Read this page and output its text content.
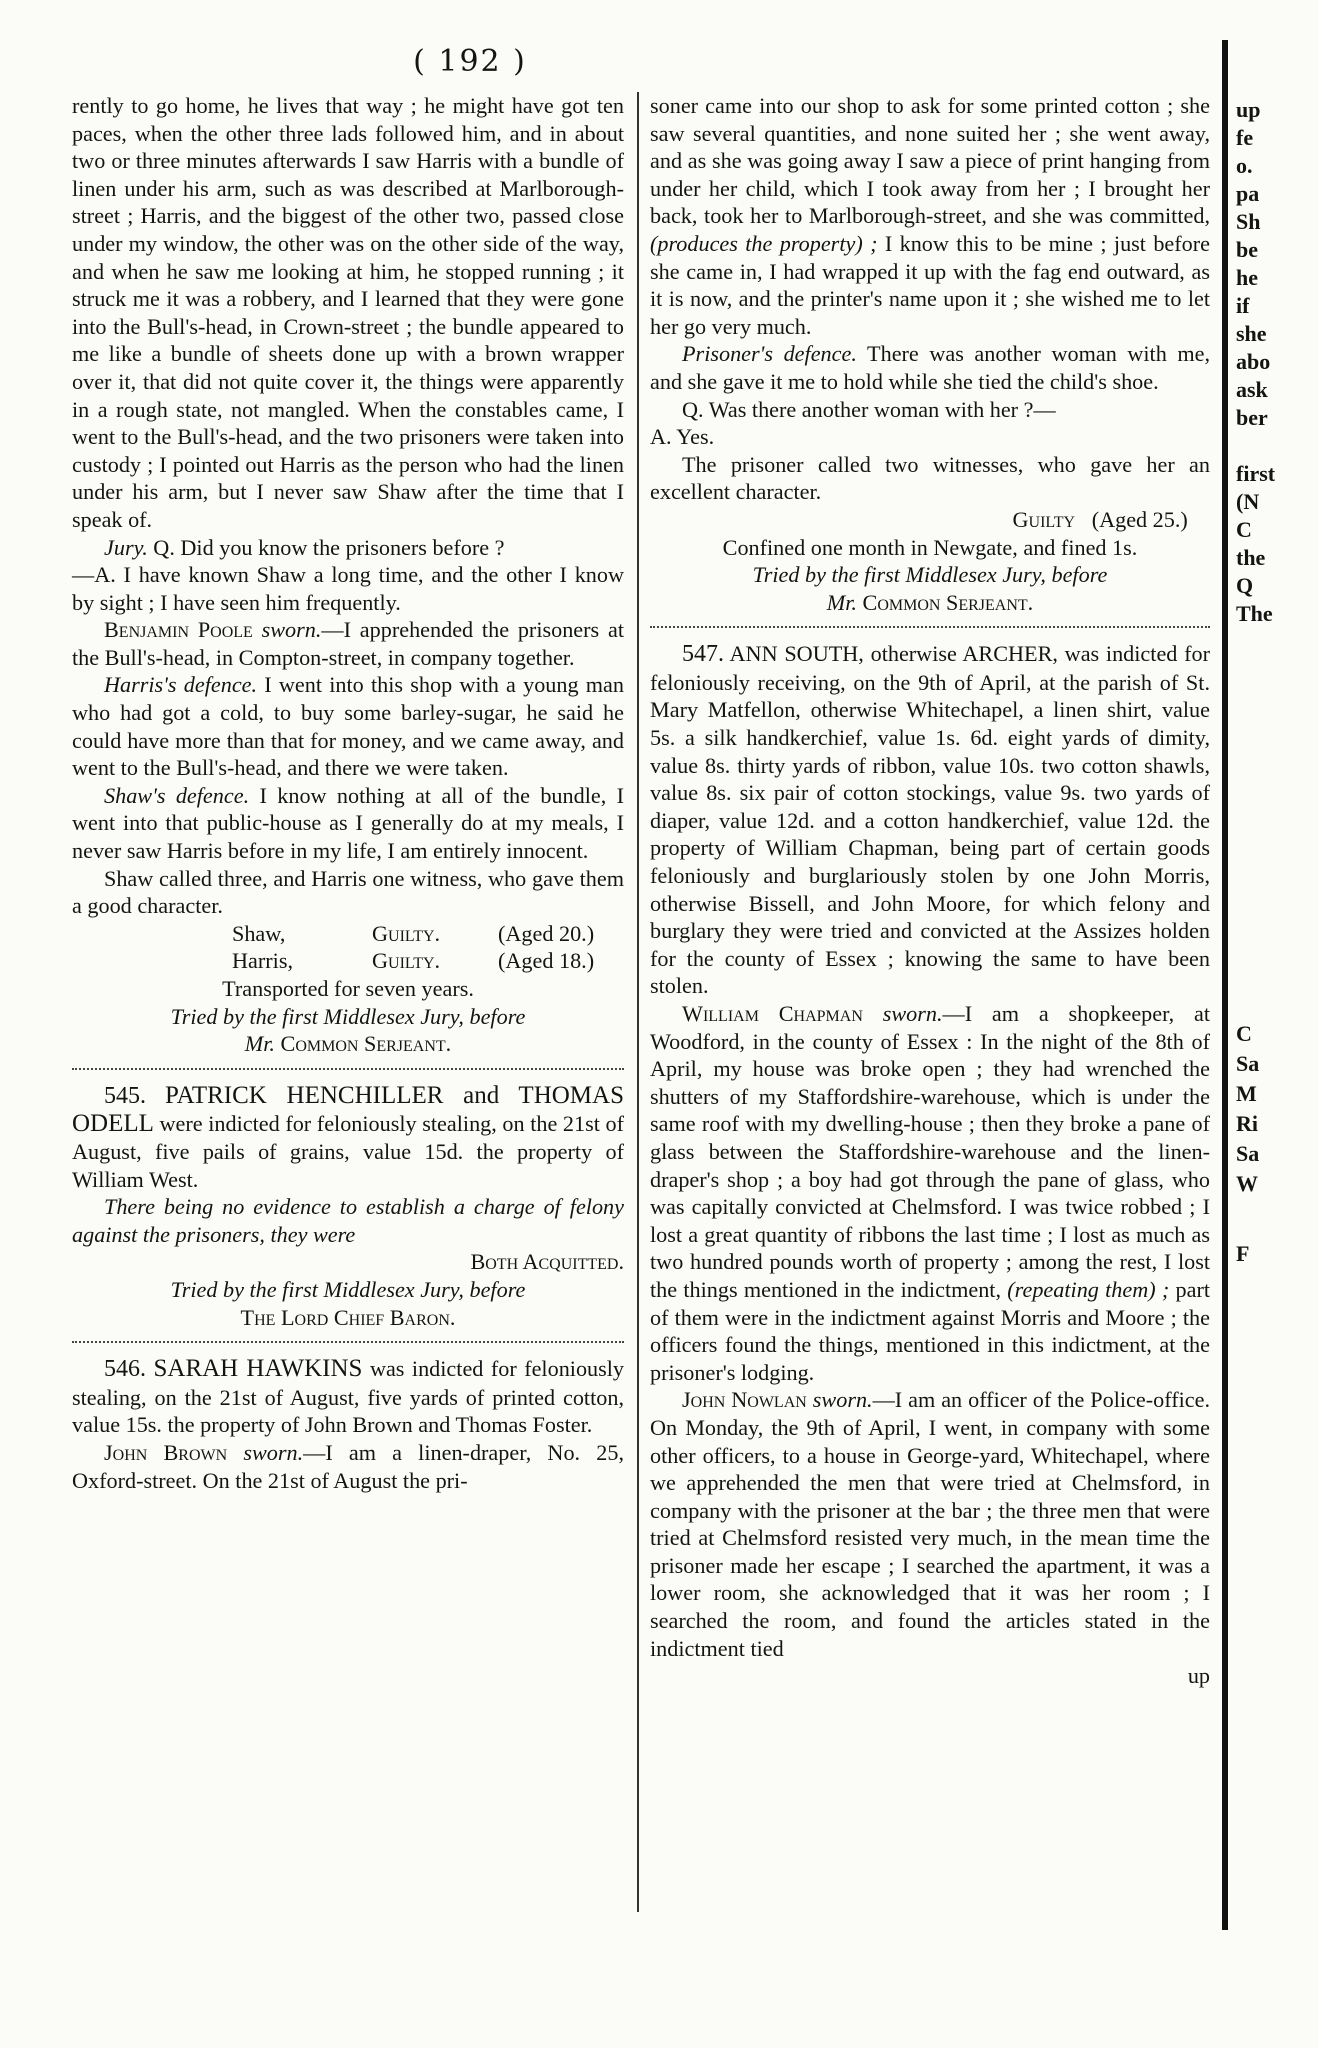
( 192 )

rently to go home, he lives that way ; he might have got ten paces, when the other three lads followed him, and in about two or three minutes afterwards I saw Harris with a bundle of linen under his arm, such as was described at Marlborough-street ; Harris, and the biggest of the other two, passed close under my window, the other was on the other side of the way, and when he saw me looking at him, he stopped running ; it struck me it was a robbery, and I learned that they were gone into the Bull's-head, in Crown-street ; the bundle appeared to me like a bundle of sheets done up with a brown wrapper over it, that did not quite cover it, the things were apparently in a rough state, not mangled. When the constables came, I went to the Bull's-head, and the two prisoners were taken into custody ; I pointed out Harris as the person who had the linen under his arm, but I never saw Shaw after the time that I speak of.

Jury. Q. Did you know the prisoners before ?

—A. I have known Shaw a long time, and the other I know by sight ; I have seen him frequently.

Benjamin Poole sworn.—I apprehended the prisoners at the Bull's-head, in Compton-street, in company together.

Harris's defence. I went into this shop with a young man who had got a cold, to buy some barley-sugar, he said he could have more than that for money, and we came away, and went to the Bull's-head, and there we were taken.

Shaw's defence. I know nothing at all of the bundle, I went into that public-house as I generally do at my meals, I never saw Harris before in my life, I am entirely innocent.

Shaw called three, and Harris one witness, who gave them a good character.

Shaw,	Guilty.	(Aged 20.)
Harris,	Guilty.	(Aged 18.)

Transported for seven years.

Tried by the first Middlesex Jury, before

Mr. Common Serjeant.

545. PATRICK HENCHILLER and THOMAS ODELL were indicted for feloniously stealing, on the 21st of August, five pails of grains, value 15d. the property of William West.

There being no evidence to establish a charge of felony against the prisoners, they were

Both Acquitted.

Tried by the first Middlesex Jury, before

The Lord Chief Baron.

546. SARAH HAWKINS was indicted for feloniously stealing, on the 21st of August, five yards of printed cotton, value 15s. the property of John Brown and Thomas Foster.

John Brown sworn.—I am a linen-draper, No. 25, Oxford-street. On the 21st of August the pri-

soner came into our shop to ask for some printed cotton ; she saw several quantities, and none suited her ; she went away, and as she was going away I saw a piece of print hanging from under her child, which I took away from her ; I brought her back, took her to Marlborough-street, and she was committed, (produces the property) ; I know this to be mine ; just before she came in, I had wrapped it up with the fag end outward, as it is now, and the printer's name upon it ; she wished me to let her go very much.

Prisoner's defence. There was another woman with me, and she gave it me to hold while she tied the child's shoe.

Q. Was there another woman with her ?—

A. Yes.

The prisoner called two witnesses, who gave her an excellent character.

Guilty (Aged 25.)

Confined one month in Newgate, and fined 1s.

Tried by the first Middlesex Jury, before

Mr. Common Serjeant.

547. ANN SOUTH, otherwise ARCHER, was indicted for feloniously receiving, on the 9th of April, at the parish of St. Mary Matfellon, otherwise Whitechapel, a linen shirt, value 5s. a silk handkerchief, value 1s. 6d. eight yards of dimity, value 8s. thirty yards of ribbon, value 10s. two cotton shawls, value 8s. six pair of cotton stockings, value 9s. two yards of diaper, value 12d. and a cotton handkerchief, value 12d. the property of William Chapman, being part of certain goods feloniously and burglariously stolen by one John Morris, otherwise Bissell, and John Moore, for which felony and burglary they were tried and convicted at the Assizes holden for the county of Essex ; knowing the same to have been stolen.

William Chapman sworn.—I am a shopkeeper, at Woodford, in the county of Essex : In the night of the 8th of April, my house was broke open ; they had wrenched the shutters of my Staffordshire-warehouse, which is under the same roof with my dwelling-house ; then they broke a pane of glass between the Staffordshire-warehouse and the linen-draper's shop ; a boy had got through the pane of glass, who was capitally convicted at Chelmsford. I was twice robbed ; I lost a great quantity of ribbons the last time ; I lost as much as two hundred pounds worth of property ; among the rest, I lost the things mentioned in the indictment, (repeating them) ; part of them were in the indictment against Morris and Moore ; the officers found the things, mentioned in this indictment, at the prisoner's lodging.

John Nowlan sworn.—I am an officer of the Police-office. On Monday, the 9th of April, I went, in company with some other officers, to a house in George-yard, Whitechapel, where we apprehended the men that were tried at Chelmsford, in company with the prisoner at the bar ; the three men that were tried at Chelmsford resisted very much, in the mean time the prisoner made her escape ; I searched the apartment, it was a lower room, she acknowledged that it was her room ; I searched the room, and found the articles stated in the indictment tied

up

up
fe
o.
pa
Sh
be
he
if
she
abo
ask
ber
first
(N
C
the
Q
The
C
Sa
M
Ri
Sa
W
F
